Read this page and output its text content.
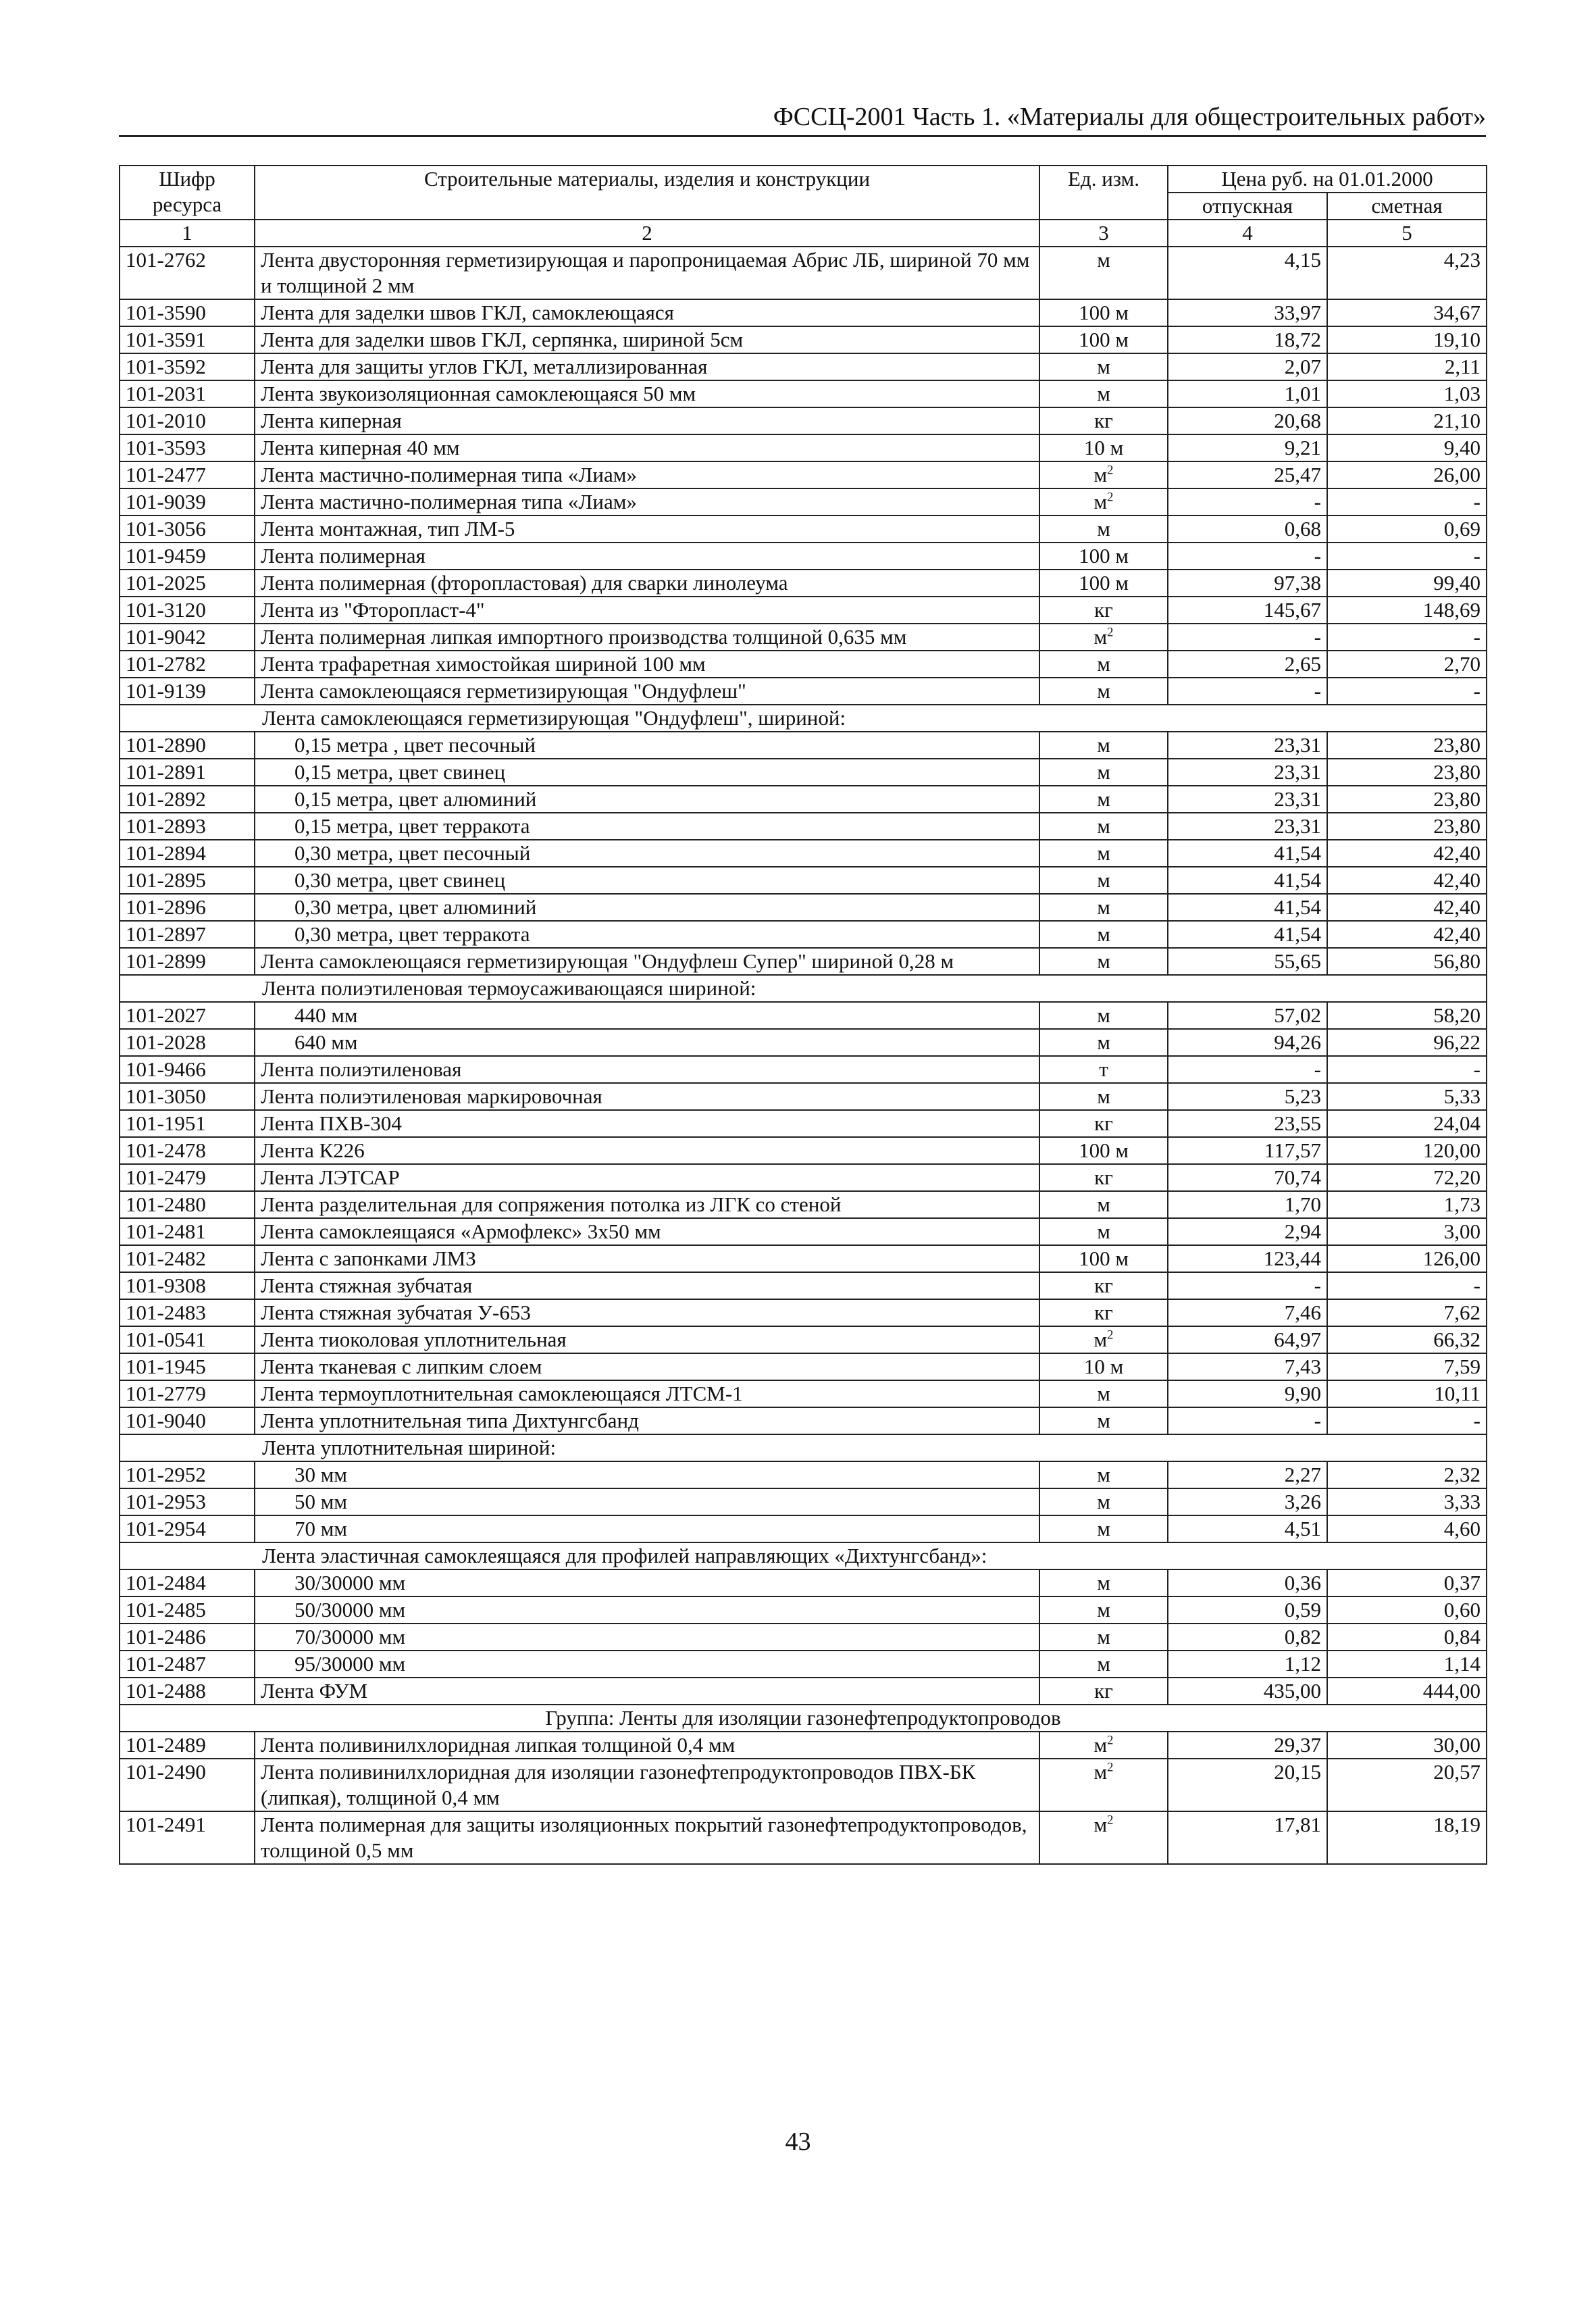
ФССЦ-2001 Часть 1. «Материалы для общестроительных работ»
Шифр ресурса	Строительные материалы, изделия и конструкции	Ед. изм.	Цена руб. на 01.01.2000	
			отпускная	сметная
1	2	3	4	5
101-2762	Лента двусторонняя герметизирующая и паропроницаемая Абрис ЛБ, шириной 70 мм и толщиной 2 мм	м	4,15	4,23
101-3590	Лента для заделки швов ГКЛ, самоклеющаяся	100 м	33,97	34,67
101-3591	Лента для заделки швов ГКЛ, серпянка, шириной 5см	100 м	18,72	19,10
101-3592	Лента для защиты углов ГКЛ, металлизированная	м	2,07	2,11
101-2031	Лента звукоизоляционная самоклеющаяся 50 мм	м	1,01	1,03
101-2010	Лента киперная	кг	20,68	21,10
101-3593	Лента киперная 40 мм	10 м	9,21	9,40
101-2477	Лента мастично-полимерная типа «Лиам»	$м^2$	25,47	26,00
101-9039	Лента мастично-полимерная типа «Лиам»	$м^2$	-	-
101-3056	Лента монтажная, тип ЛМ-5	м	0,68	0,69
101-9459	Лента полимерная	100 м	-	-
101-2025	Лента полимерная (фторопластовая) для сварки линолеума	100 м	97,38	99,40
101-3120	Лента из "Фторопласт-4"	кг	145,67	148,69
101-9042	Лента полимерная липкая импортного производства толщиной 0,635 мм	$м^2$	-	-
101-2782	Лента трафаретная химостойкая шириной 100 мм	м	2,65	2,70
101-9139	Лента самоклеющаяся герметизирующая "Ондуфлеш"	м	-	-
Лента самоклеющаяся герметизирующая "Ондуфлеш", шириной:				
101-2890	0,15 метра , цвет песочный	м	23,31	23,80
101-2891	0,15 метра, цвет свинец	м	23,31	23,80
101-2892	0,15 метра, цвет алюминий	м	23,31	23,80
101-2893	0,15 метра, цвет терракота	м	23,31	23,80
101-2894	0,30 метра, цвет песочный	м	41,54	42,40
101-2895	0,30 метра, цвет свинец	м	41,54	42,40
101-2896	0,30 метра, цвет алюминий	м	41,54	42,40
101-2897	0,30 метра, цвет терракота	м	41,54	42,40
101-2899	Лента самоклеющаяся герметизирующая "Ондуфлеш Супер" шириной 0,28 м	м	55,65	56,80
Лента полиэтиленовая термоусаживающаяся шириной:				
101-2027	440 мм	м	57,02	58,20
101-2028	640 мм	м	94,26	96,22
101-9466	Лента полиэтиленовая	т	-	-
101-3050	Лента полиэтиленовая маркировочная	м	5,23	5,33
101-1951	Лента ПХВ-304	кг	23,55	24,04
101-2478	Лента К226	100 м	117,57	120,00
101-2479	Лента ЛЭТСАР	кг	70,74	72,20
101-2480	Лента разделительная для сопряжения потолка из ЛГК со стеной	м	1,70	1,73
101-2481	Лента самоклеящаяся «Армофлекс» 3x50 мм	м	2,94	3,00
101-2482	Лента с запонками ЛМЗ	100 м	123,44	126,00
101-9308	Лента стяжная зубчатая	кг	-	-
101-2483	Лента стяжная зубчатая У-653	кг	7,46	7,62
101-0541	Лента тиоколовая уплотнительная	$м^2$	64,97	66,32
101-1945	Лента тканевая с липким слоем	10 м	7,43	7,59
101-2779	Лента термоуплотнительная самоклеющаяся ЛТСМ-1	м	9,90	10,11
101-9040	Лента уплотнительная типа Дихтунгсбанд	м	-	-
Лента уплотнительная шириной:				
101-2952	30 мм	м	2,27	2,32
101-2953	50 мм	м	3,26	3,33
101-2954	70 мм	м	4,51	4,60
Лента эластичная самоклеящаяся для профилей направляющих «Дихтунгсбанд»:				
101-2484	30/30000 мм	м	0,36	0,37
101-2485	50/30000 мм	м	0,59	0,60
101-2486	70/30000 мм	м	0,82	0,84
101-2487	95/30000 мм	м	1,12	1,14
101-2488	Лента ФУМ	кг	435,00	444,00
Группа: Ленты для изоляции газонефтепродуктопроводов				
101-2489	Лента поливинилхлоридная липкая толщиной 0,4 мм	$м^2$	29,37	30,00
101-2490	Лента поливинилхлоридная для изоляции газонефтепродуктопроводов ПВХ-БК (липкая), толщиной 0,4 мм	$м^2$	20,15	20,57
101-2491	Лента полимерная для защиты изоляционных покрытий газонефтепродуктопроводов, толщиной 0,5 мм	$м^2$	17,81	18,19
43
